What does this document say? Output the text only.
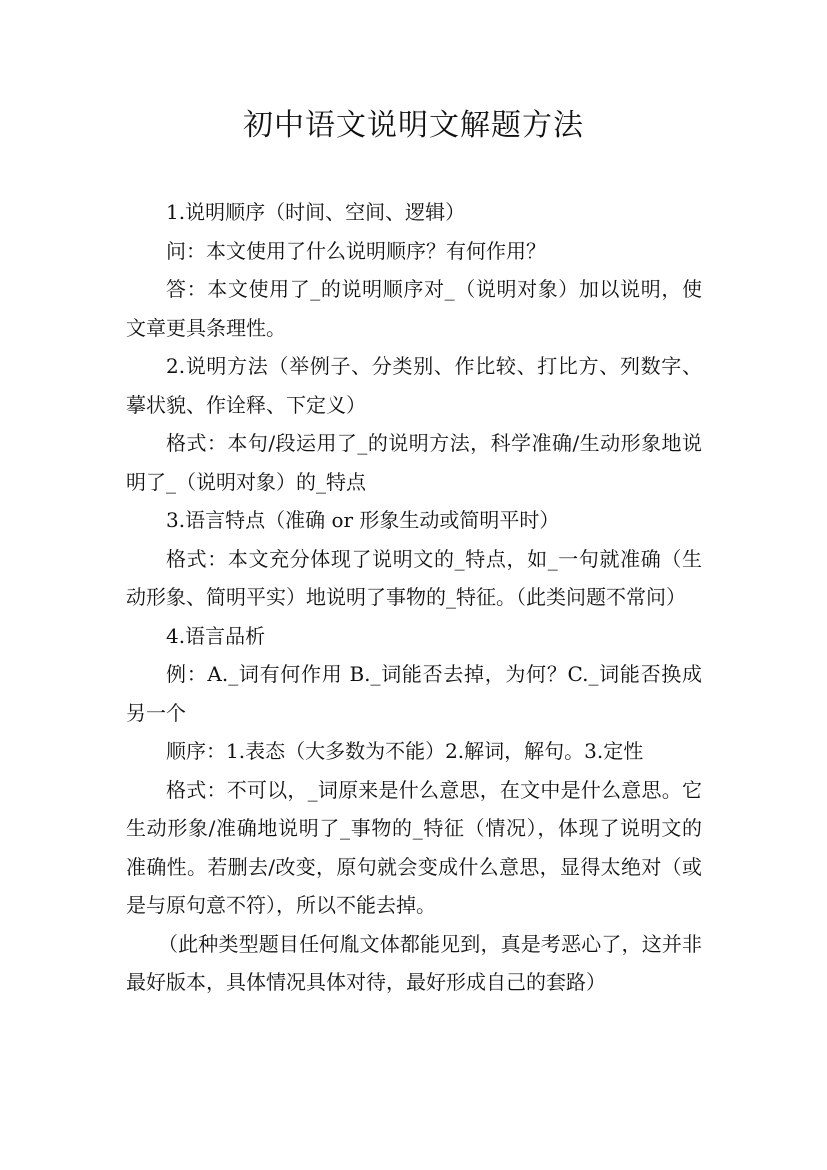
初中语文说明文解题方法

1.说明顺序（时间、空间、逻辑）

问：本文使用了什么说明顺序？有何作用？

答：本文使用了_的说明顺序对_（说明对象）加以说明，使文章更具条理性。

2.说明方法（举例子、分类别、作比较、打比方、列数字、摹状貌、作诠释、下定义）

格式：本句/段运用了_的说明方法，科学准确/生动形象地说明了_（说明对象）的_特点

3.语言特点（准确 or 形象生动或简明平时）

格式：本文充分体现了说明文的_特点，如_一句就准确（生动形象、简明平实）地说明了事物的_特征。（此类问题不常问）

4.语言品析

例：A._词有何作用 B._词能否去掉，为何？C._词能否换成另一个

顺序：1.表态（大多数为不能）2.解词，解句。3.定性

格式：不可以，_词原来是什么意思，在文中是什么意思。它生动形象/准确地说明了_事物的_特征（情况），体现了说明文的准确性。若删去/改变，原句就会变成什么意思，显得太绝对（或是与原句意不符），所以不能去掉。

（此种类型题目任何胤文体都能见到，真是考恶心了，这并非最好版本，具体情况具体对待，最好形成自己的套路）
